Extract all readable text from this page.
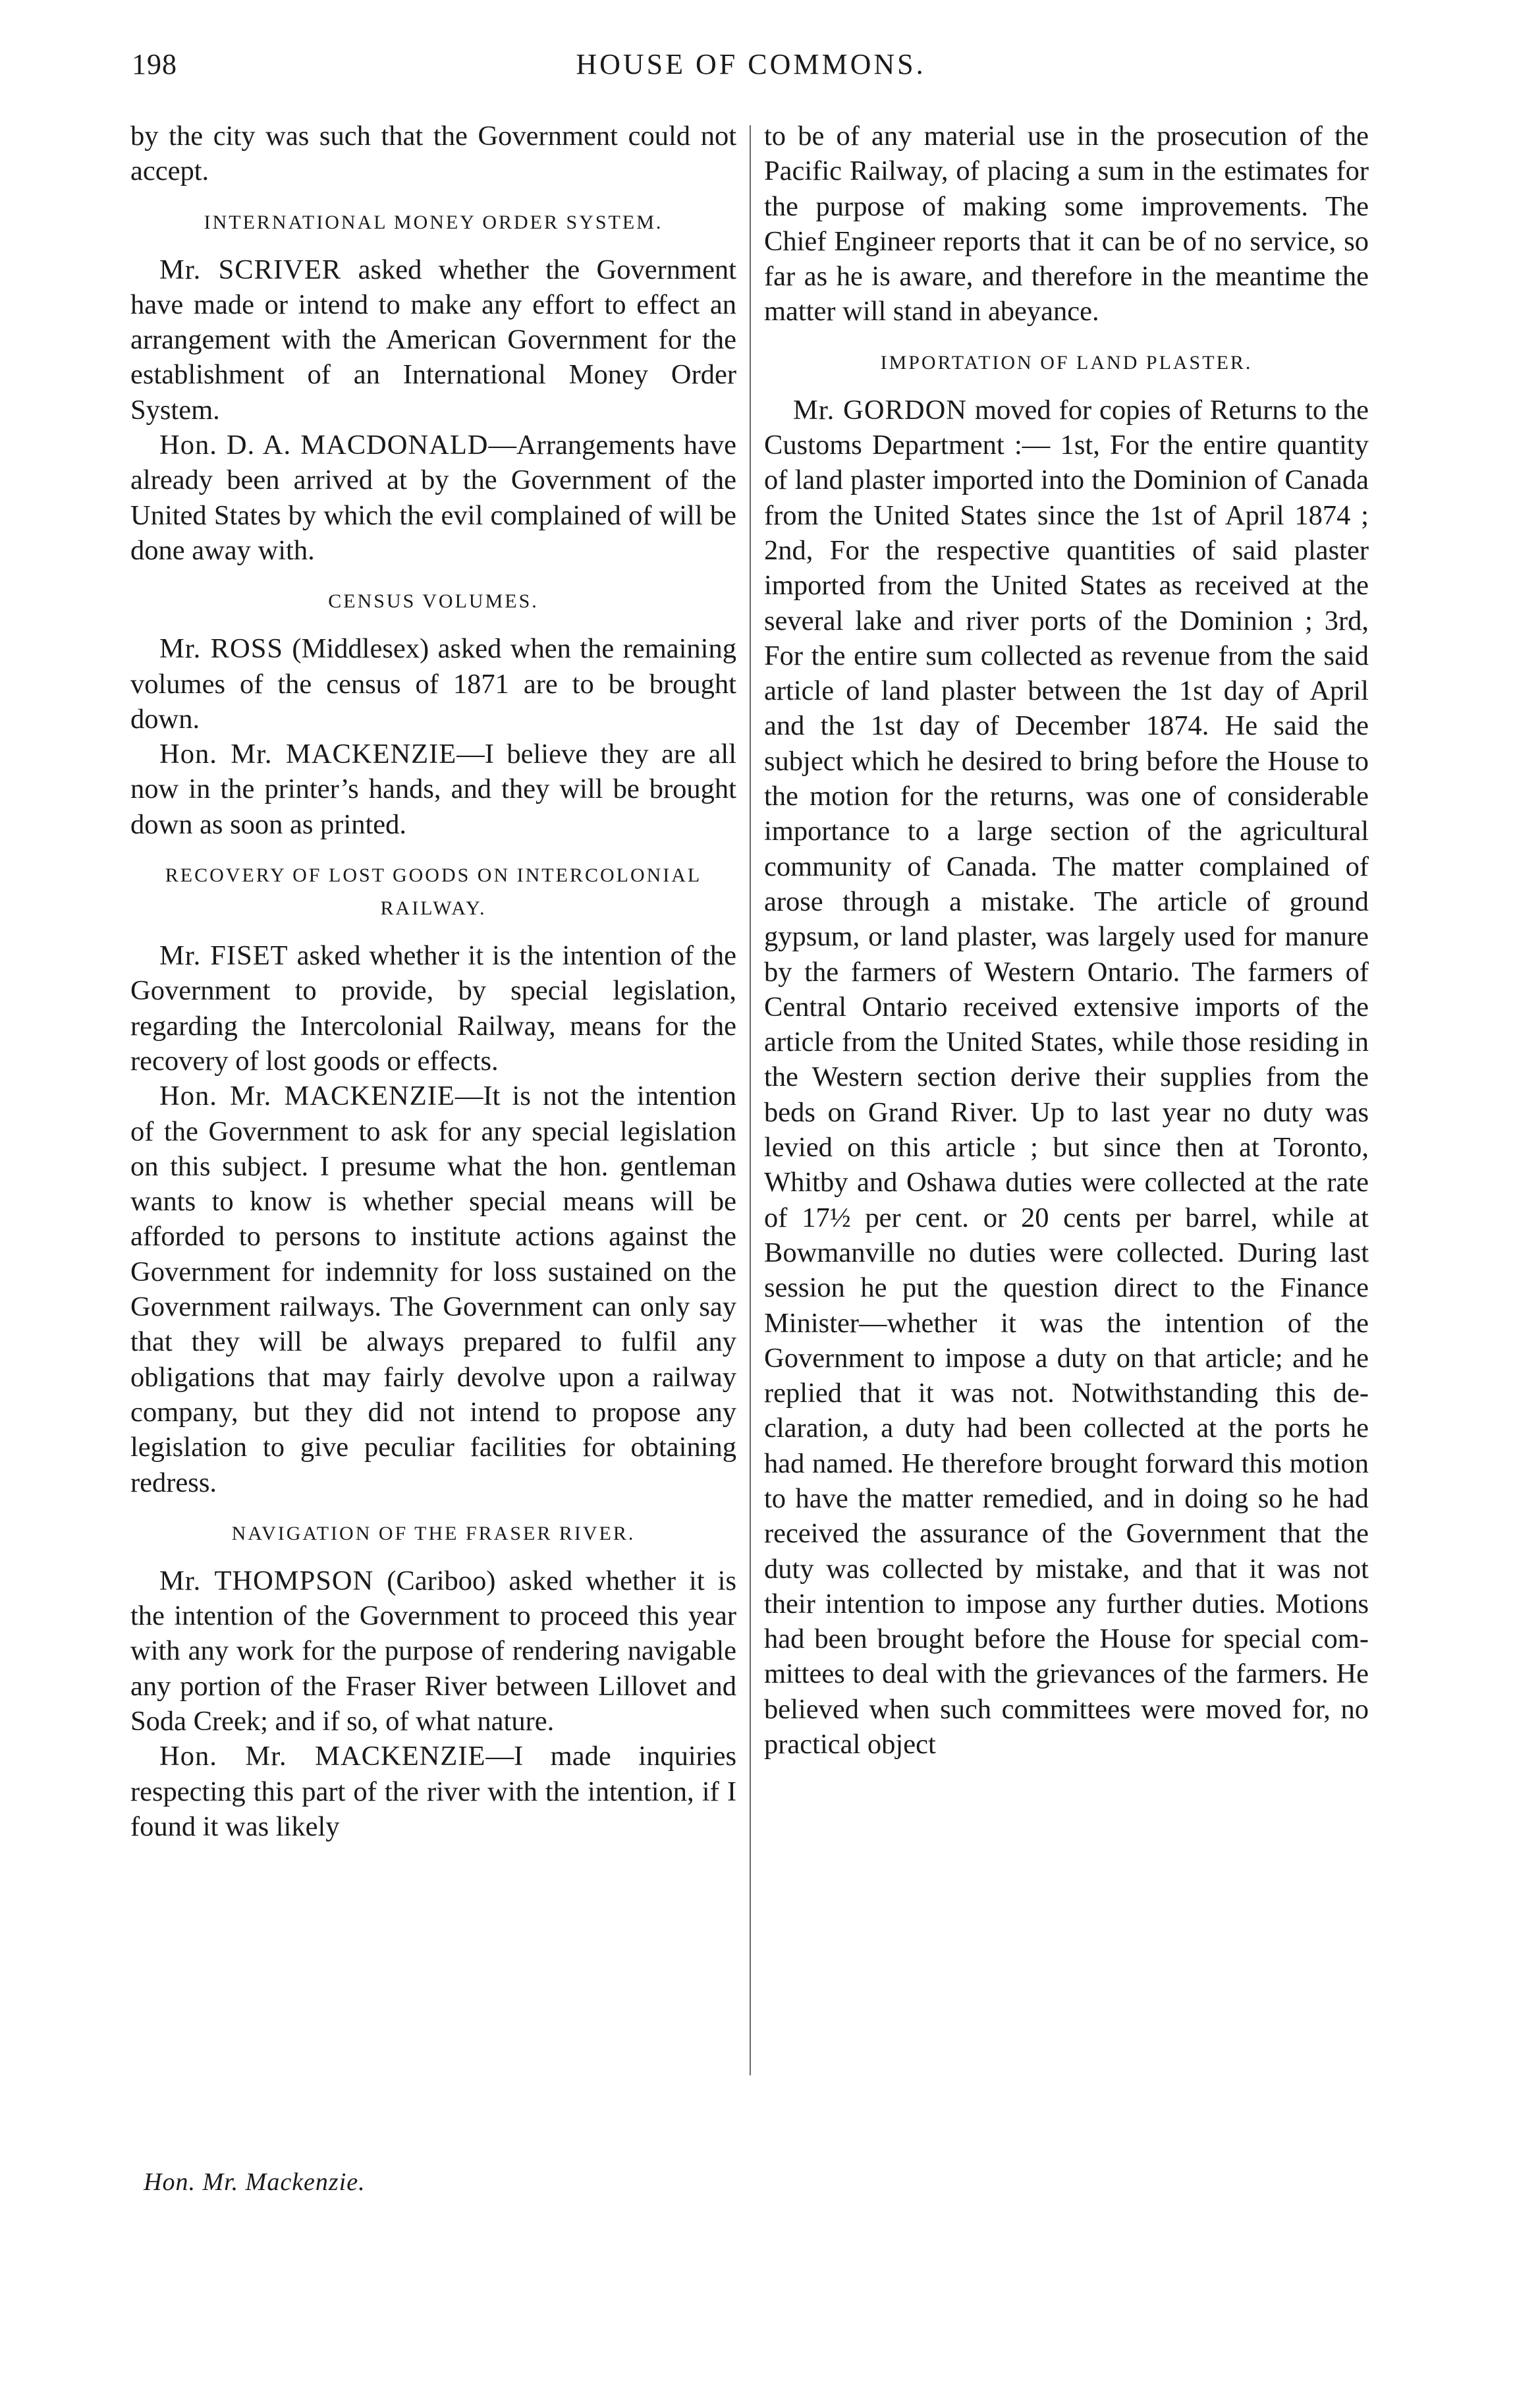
198	HOUSE OF COMMONS.

by the city was such that the Government could not accept.

INTERNATIONAL MONEY ORDER SYSTEM.

Mr. SCRIVER asked whether the Government have made or intend to make any effort to effect an arrangement with the American Government for the establishment of an International Money Order System.

Hon. D. A. MACDONALD—Arrangements have already been arrived at by the Government of the United States by which the evil complained of will be done away with.

CENSUS VOLUMES.

Mr. ROSS (Middlesex) asked when the remaining volumes of the census of 1871 are to be brought down.

Hon. Mr. MACKENZIE—I believe they are all now in the printer’s hands, and they will be brought down as soon as printed.

RECOVERY OF LOST GOODS ON INTERCOLONIAL RAILWAY.

Mr. FISET asked whether it is the intention of the Government to provide, by special legislation, regarding the Intercolonial Railway, means for the recovery of lost goods or effects.

Hon. Mr. MACKENZIE—It is not the intention of the Government to ask for any special legislation on this subject. I presume what the hon. gentleman wants to know is whether special means will be afforded to persons to institute actions against the Government for indemnity for loss sustained on the Government railways. The Government can only say that they will be always prepared to fulfil any obligations that may fairly devolve upon a railway company, but they did not intend to propose any legislation to give peculiar facilities for obtaining redress.

NAVIGATION OF THE FRASER RIVER.

Mr. THOMPSON (Cariboo) asked whether it is the intention of the Government to proceed this year with any work for the purpose of rendering navigable any portion of the Fraser River between Lillovet and Soda Creek; and if so, of what nature.

Hon. Mr. MACKENZIE—I made inquiries respecting this part of the river with the intention, if I found it was likely

to be of any material use in the prosecution of the Pacific Railway, of placing a sum in the estimates for the purpose of making some improvements. The Chief Engineer reports that it can be of no service, so far as he is aware, and therefore in the meantime the matter will stand in abeyance.

IMPORTATION OF LAND PLASTER.

Mr. GORDON moved for copies of Returns to the Customs Department :— 1st, For the entire quantity of land plaster imported into the Dominion of Canada from the United States since the 1st of April 1874 ; 2nd, For the respective quantities of said plaster imported from the United States as received at the several lake and river ports of the Dominion ; 3rd, For the entire sum collected as revenue from the said article of land plaster between the 1st day of April and the 1st day of December 1874. He said the subject which he desired to bring before the House to the motion for the returns, was one of considerable importance to a large section of the agricultural community of Canada. The matter complained of arose through a mistake. The article of ground gypsum, or land plaster, was largely used for manure by the farmers of Western Ontario. The farmers of Central Ontario received extensive imports of the article from the United States, while those residing in the Western section derive their supplies from the beds on Grand River. Up to last year no duty was levied on this article ; but since then at Toronto, Whitby and Oshawa duties were collected at the rate of 17½ per cent. or 20 cents per barrel, while at Bowmanville no duties were collected. During last session he put the question direct to the Finance Minister—whether it was the intention of the Government to impose a duty on that article; and he replied that it was not. Notwithstanding this declaration, a duty had been collected at the ports he had named. He therefore brought forward this motion to have the matter remedied, and in doing so he had received the assurance of the Government that the duty was collected by mistake, and that it was not their intention to impose any further duties. Motions had been brought before the House for special committees to deal with the grievances of the farmers. He believed when such committees were moved for, no practical object

Hon. Mr. Mackenzie.
